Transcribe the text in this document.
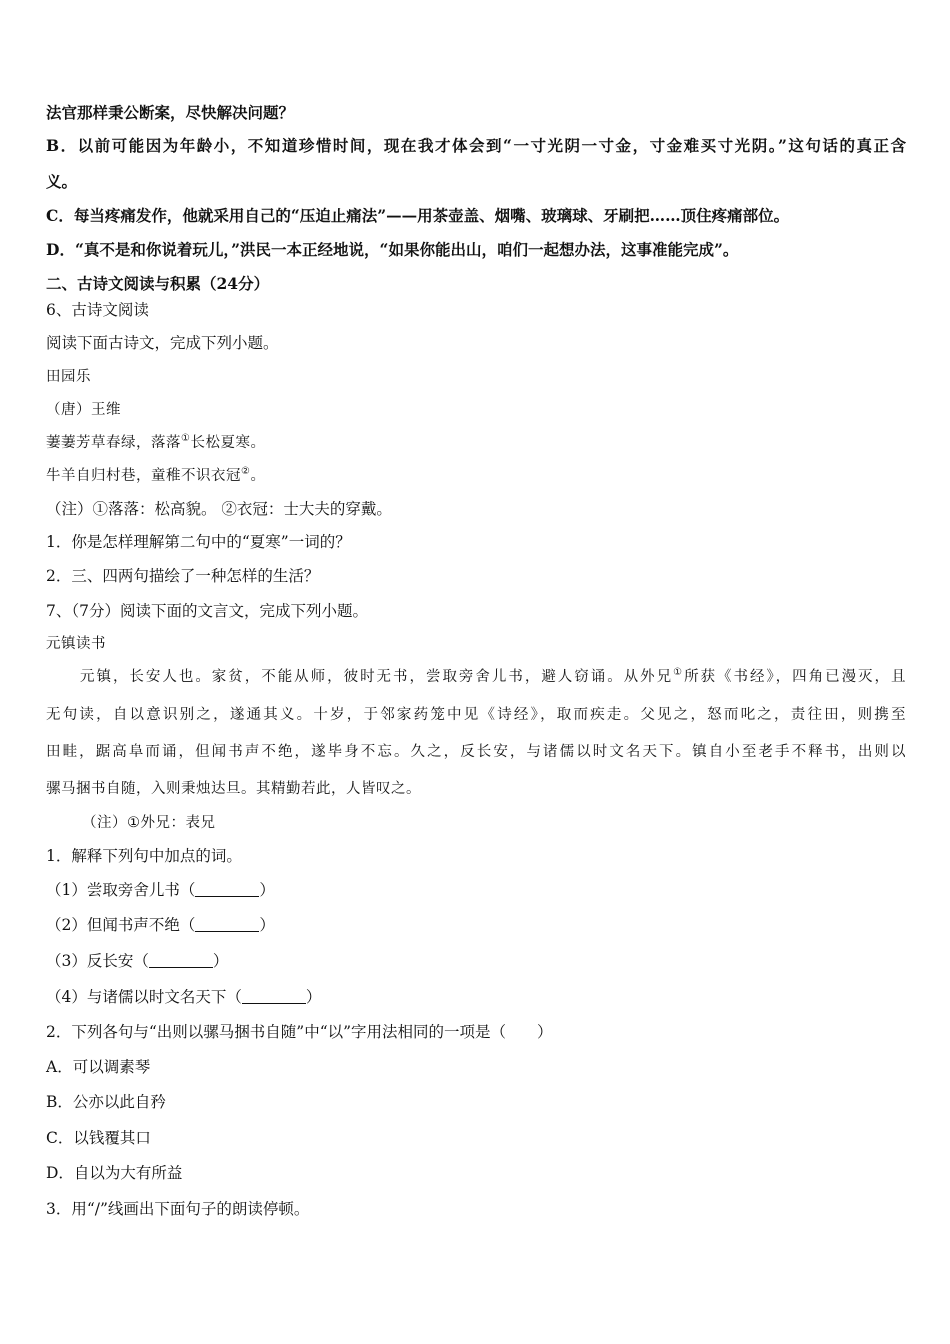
法官那样秉公断案，尽快解决问题？
B．以前可能因为年龄小，不知道珍惜时间，现在我才体会到“一寸光阴一寸金，寸金难买寸光阴。”这句话的真正含
义。
C．每当疼痛发作，他就采用自己的“压迫止痛法”——用茶壶盖、烟嘴、玻璃球、牙刷把……顶住疼痛部位。
D．“真不是和你说着玩儿，”洪民一本正经地说，“如果你能出山，咱们一起想办法，这事准能完成”。
二、古诗文阅读与积累（24分）
6、古诗文阅读
阅读下面古诗文，完成下列小题。
田园乐
（唐）王维
萋萋芳草春绿，落落①长松夏寒。
牛羊自归村巷，童稚不识衣冠②。
（注）①落落：松高貌。 ②衣冠：士大夫的穿戴。
1．你是怎样理解第二句中的“夏寒”一词的？
2．三、四两句描绘了一种怎样的生活？
7、（7分）阅读下面的文言文，完成下列小题。
元镇读书
元镇，长安人也。家贫，不能从师，彼时无书，尝取旁舍儿书，避人窃诵。从外兄①所获《书经》，四角已漫灭，且
无句读，自以意识别之，遂通其义。十岁，于邻家药笼中见《诗经》，取而疾走。父见之，怒而叱之，责往田，则携至
田畦，踞高阜而诵，但闻书声不绝，遂毕身不忘。久之，反长安，与诸儒以时文名天下。镇自小至老手不释书，出则以
骡马捆书自随，入则秉烛达旦。其精勤若此，人皆叹之。
（注）①外兄：表兄
1．解释下列句中加点的词。
（1）尝取旁舍儿书（	）
（2）但闻书声不绝（	）
（3）反长安（	）
（4）与诸儒以时文名天下（	）
2．下列各句与“出则以骡马捆书自随”中“以”字用法相同的一项是（　　）
A．可以调素琴
B．公亦以此自矜
C．以钱覆其口
D．自以为大有所益
3．用“/”线画出下面句子的朗读停顿。
